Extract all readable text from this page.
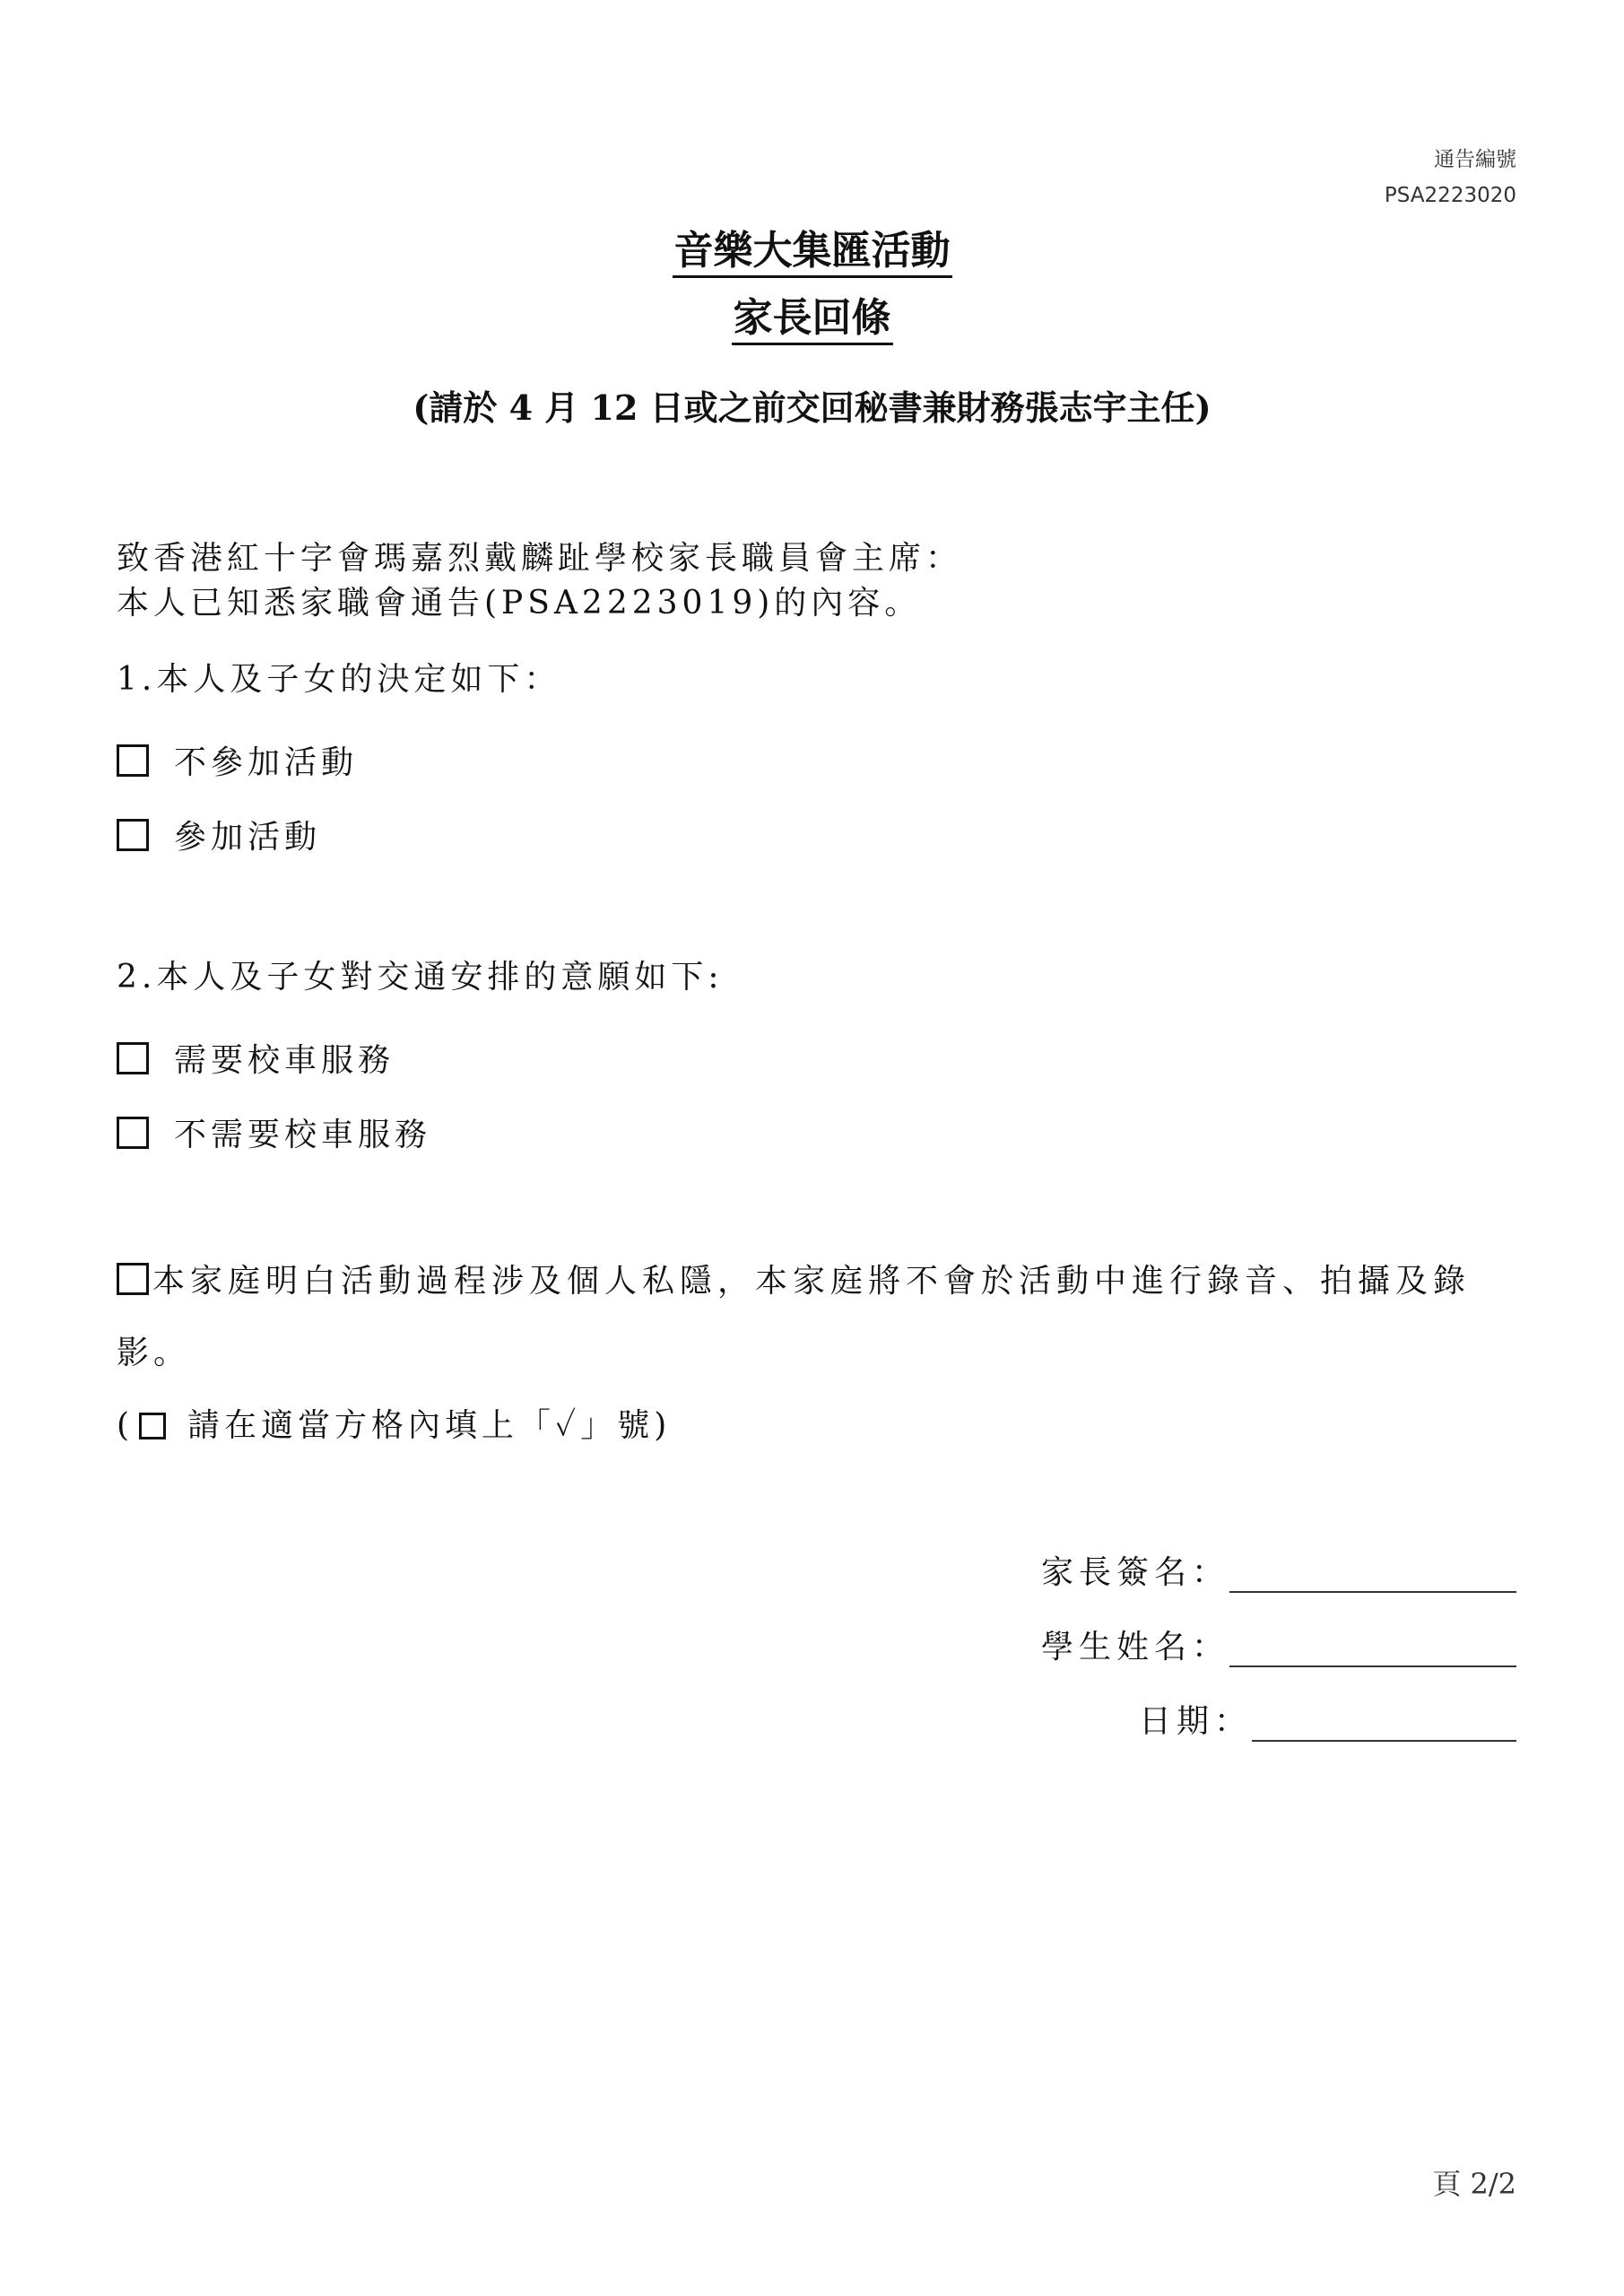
通告編號
PSA2223020
音樂大集匯活動
家長回條
(請於 4 月 12 日或之前交回秘書兼財務張志宇主任)
致香港紅十字會瑪嘉烈戴麟趾學校家長職員會主席：
本人已知悉家職會通告(PSA2223019)的內容。
1.本人及子女的決定如下：
不參加活動
參加活動
2.本人及子女對交通安排的意願如下:
需要校車服務
不需要校車服務
本家庭明白活動過程涉及個人私隱，本家庭將不會於活動中進行錄音、拍攝及錄
影。
( 請在適當方格內填上「✓」號)
家長簽名：
學生姓名：
日期：
頁 2/2
